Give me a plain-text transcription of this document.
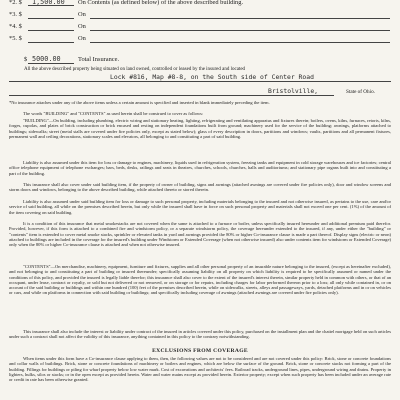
*2. $ 1,500.00 On Contents (as defined below) of the above described building.
*3. $	On
*4. $	On
*5. $	On
$ 5000.00	Total Insurance.
All the above described property being situated on land owned, controlled or leased by the insured and located
Lock #816, Map #8-8, on the South side of Center Road
Bristolville,	State of Ohio.
*No insurance attaches under any of the above items unless a certain amount is specified and inserted in blank immediately preceding the item.
The words "BUILDING" and "CONTENTS" as used herein shall be construed to cover as follows:
"BUILDING"—On building, including plumbing, electric wiring and stationary heating, lighting, refrigerating and ventilating apparatus and fixtures therein; boilers, ovens, kilns, furnaces, retorts, kilns, forges, cupolas, and plates of brick construction or brick encased and resting on independent foundations built from ground; machinery used for the service of the building; awnings, platforms attached to buildings; sidewalks; street (metal stalls are covered under fire policies only, except as stated below); glass of every description in doors, partitions and windows; vaults, partitions and all permanent fixtures, permanent wall and ceiling decorations, stationary scales and elevators, all belonging to and constituting a part of said building.
Liability is also assumed under this item for loss or damage to engines, machinery, liquids used in refrigeration system, freezing tanks and equipment in cold storage warehouses and ice factories; central office telephone equipment of telephone exchanges; bars, beds, desks, railings and seats in theatres, churches, schools, churches, halls and auditoriums; and stationary pipe organs built into and constituting a part of the building.
This insurance shall also cover under said building item, if the property of owner of building, signs and awnings (attached awnings are covered under fire policies only), door and window screens and storm doors and windows, belonging to the above described building, while attached thereto or stored therein.
Liability is also assumed under said building item for loss or damage to such personal property, including materials belonging to the insured and not otherwise insured, as pertains to the use, care and/or service of said building, all while on the premises described herein, but only while the insured shall have in force on such personal property and materials shall not exceed one per cent. (1%) of the amount of the item covering on said building.
It is a condition of this insurance that metal smokestacks are not covered when the same is attached to a furnace or boiler, unless specifically insured hereunder and additional premium paid therefor. Provided, however, if this form is attached to a combined fire and windstorm policy, or a separate windstorm policy, the coverage hereunder extended to the insured, if any, under either the "building" or "contents" item is extended to cover metal smoke stacks, sprinkler or elevated tanks in yard and awnings provided the 80% or higher Co-insurance clause is made a part thereof. Display signs (electric or neon) attached to buildings are included in the coverage for the insured's building under Windstorm or Extended Coverage (when not otherwise insured) also under contents item for windstorm or Extended Coverage) only when the 80% or higher Co-insurance clause is attached and when not otherwise insured.
"CONTENTS"—On merchandise, machinery, equipment, furniture and fixtures, supplies and all other personal property of an insurable nature belonging to the insured, (except as hereinafter excluded), and not belonging to and constituting a part of building or insured thereunder; specifically assuming liability on all property on which liability is required to be specifically assumed or named under the conditions of this policy, and provided the insured is legally liable therefor; this insurance shall also cover to the extent of the insured's interest therein, similar property held in common with others, or that of an occupant, under lease, contract or royalty, or sold but not delivered or not removed, or on storage or for repairs, including charges for labor performed thereon prior to a loss; all only while contained in, or on account of the said building or buildings and within one hundred (100) feet of the premises described herein, while on sidewalks, streets, alleys and passageways, yards, detached platforms and in or on vehicles or cars, and while on platforms in connection with said building or buildings; and specifically including coverage of awnings (attached awnings are covered under fire policies only).
This insurance shall also include the interest or liability under contract of the insured in articles covered under this policy, purchased on the installment plan and the chattel mortgage held on such articles under such a contract shall not affect the validity of this insurance, anything contained in this policy to the contrary notwithstanding.
EXCLUSIONS FROM COVERAGE
When items under this form have a Co-insurance clause applying to them, then, the following values are not to be considered and are not covered under this policy: Brick, stone or concrete foundations and collar walls of buildings. Brick, stone or concrete foundations of machinery or boilers and engines, which are below the surface of the ground. Brick, stone or concrete stacks not forming a part of the building. Fillings for buildings or piling for wharf property below low water mark. Cost of excavations and architects' fees. Railroad tracks, underground lines, pipes, underground wiring and drains. Property in lighters, hulks, silos or stacks; or in the open except as provided herein. Water and water mains except as provided herein. Exterior property; except when such property has been included under an average rate or credit in rate has been otherwise granted.
